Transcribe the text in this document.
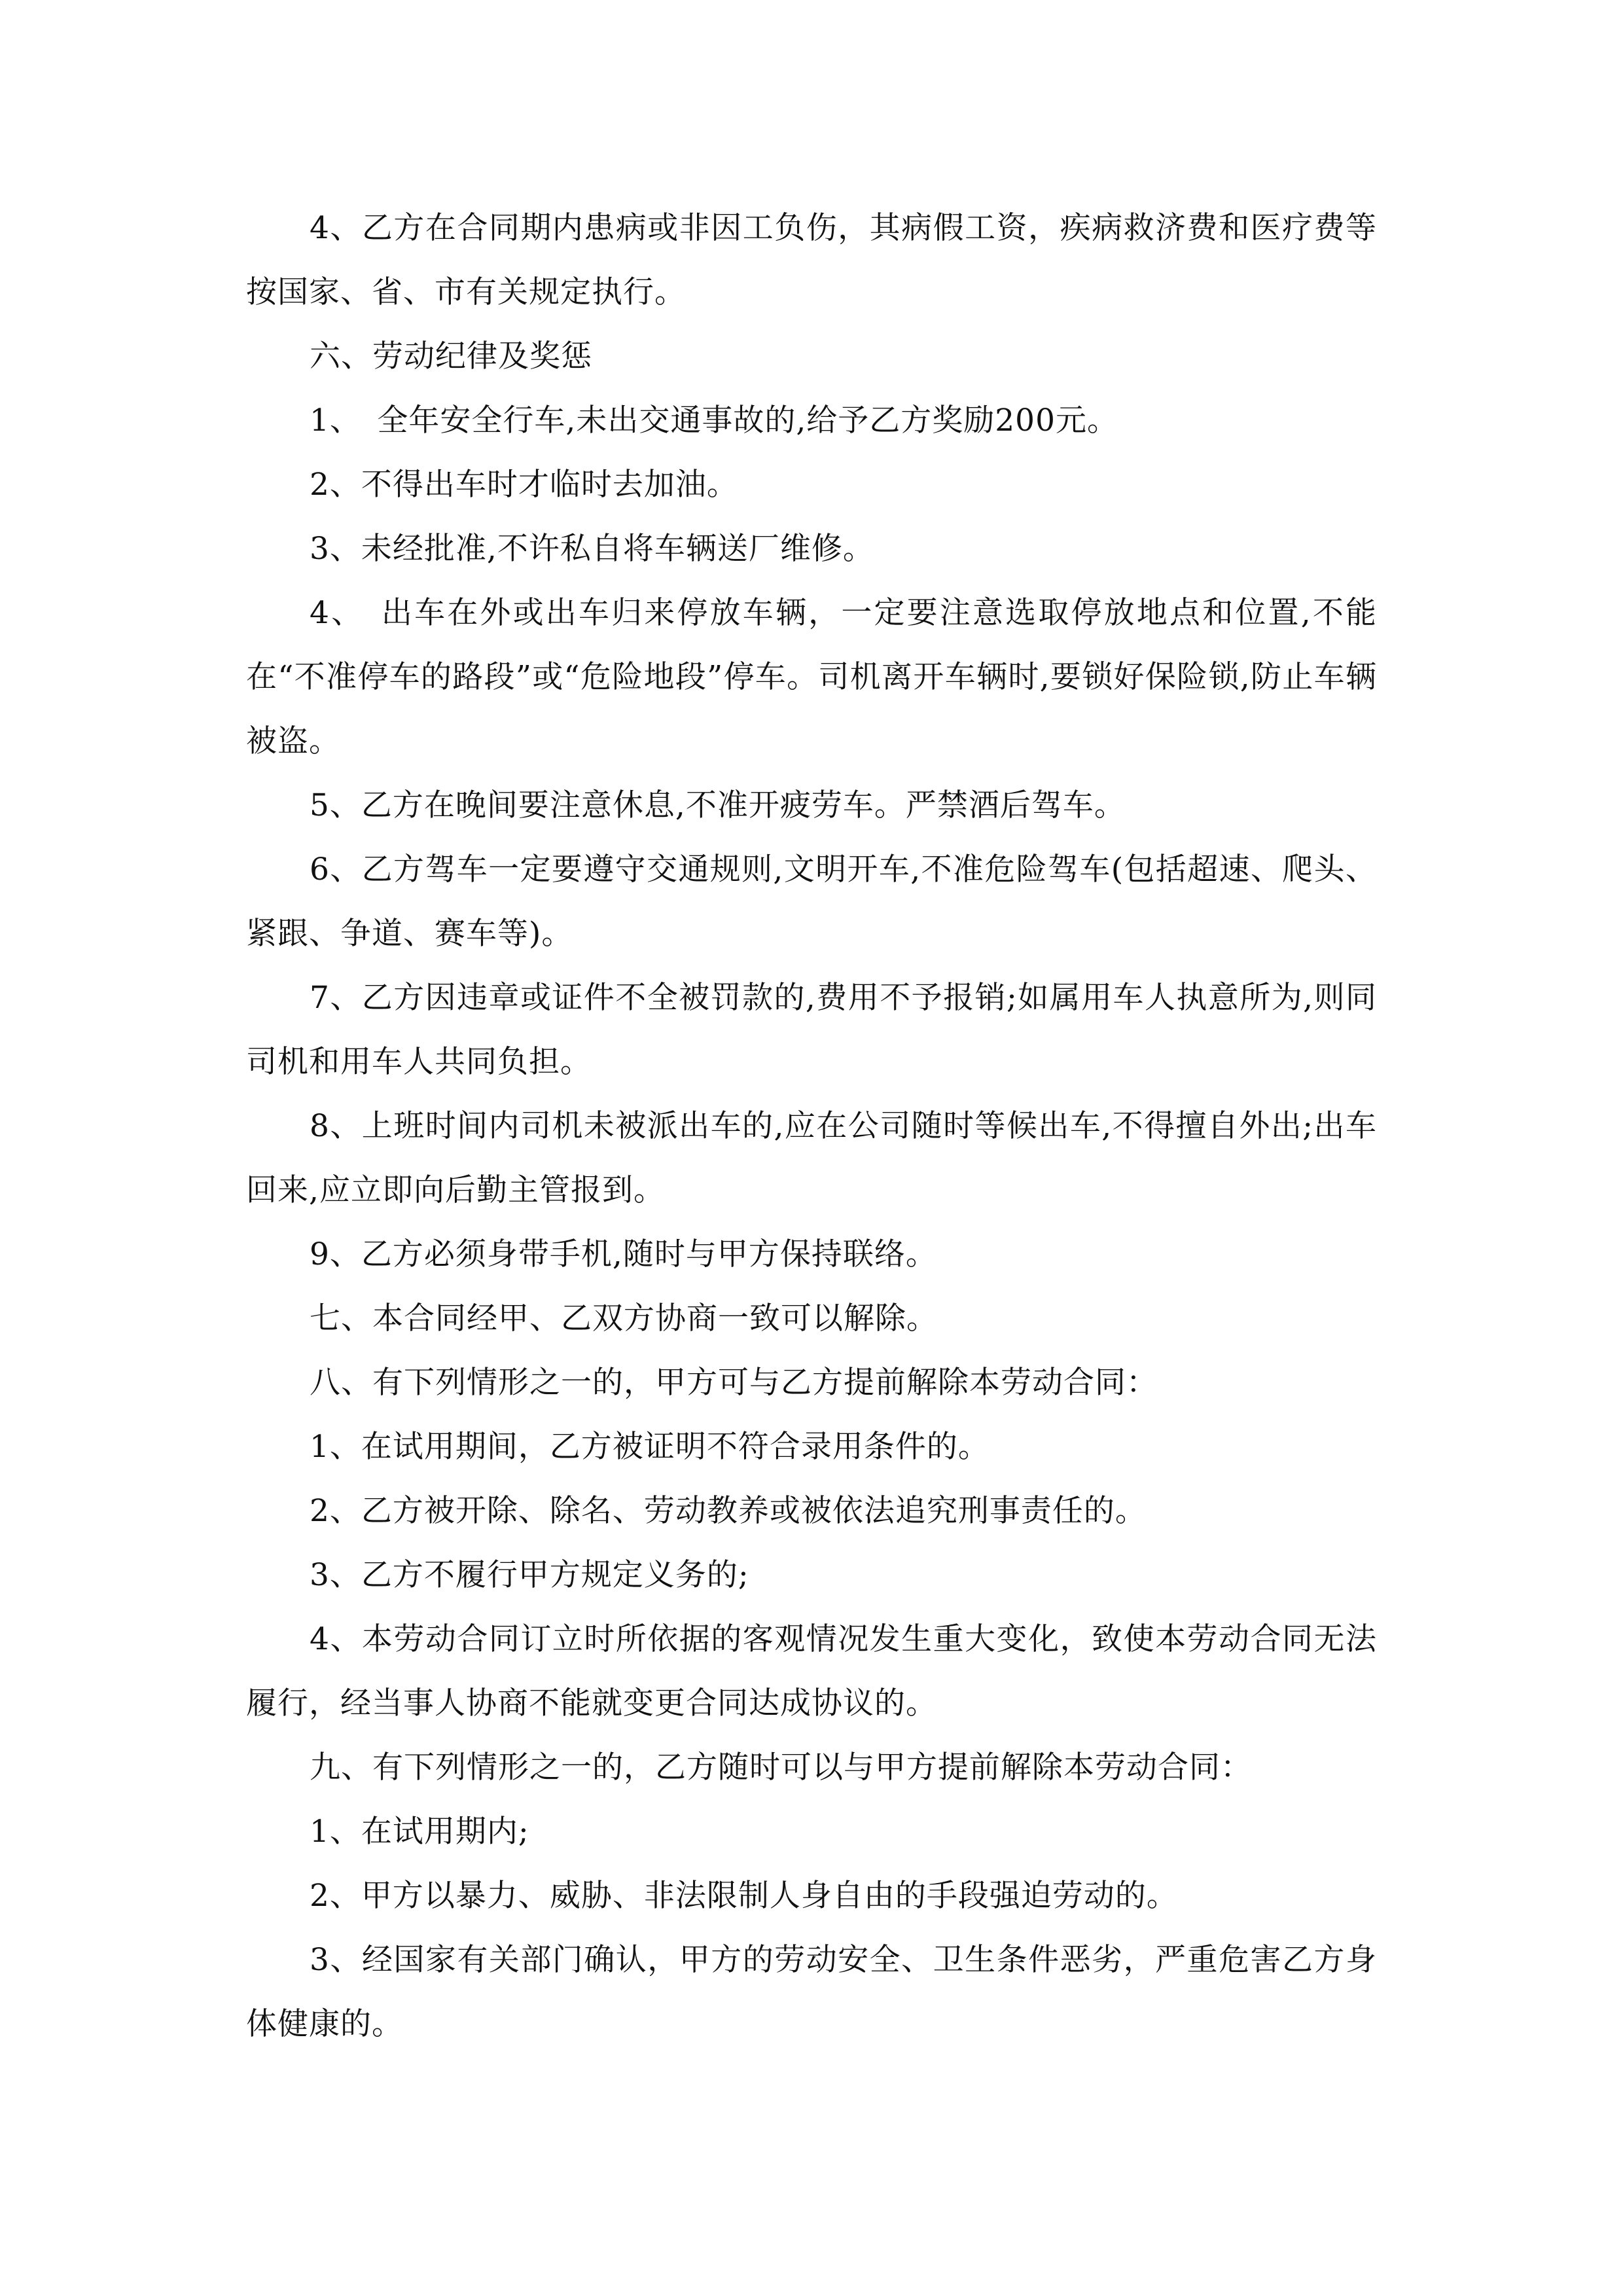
4、乙方在合同期内患病或非因工负伤，其病假工资，疾病救济费和医疗费等按国家、省、市有关规定执行。

六、劳动纪律及奖惩

1、　全年安全行车,未出交通事故的,给予乙方奖励200元。

2、不得出车时才临时去加油。

3、未经批准,不许私自将车辆送厂维修。

4、　出车在外或出车归来停放车辆，一定要注意选取停放地点和位置,不能在“不准停车的路段”或“危险地段”停车。司机离开车辆时,要锁好保险锁,防止车辆被盗。

5、乙方在晚间要注意休息,不准开疲劳车。严禁酒后驾车。

6、乙方驾车一定要遵守交通规则,文明开车,不准危险驾车(包括超速、爬头、紧跟、争道、赛车等)。

7、乙方因违章或证件不全被罚款的,费用不予报销;如属用车人执意所为,则同司机和用车人共同负担。

8、上班时间内司机未被派出车的,应在公司随时等候出车,不得擅自外出;出车回来,应立即向后勤主管报到。

9、乙方必须身带手机,随时与甲方保持联络。

七、本合同经甲、乙双方协商一致可以解除。

八、有下列情形之一的，甲方可与乙方提前解除本劳动合同：

1、在试用期间，乙方被证明不符合录用条件的。

2、乙方被开除、除名、劳动教养或被依法追究刑事责任的。

3、乙方不履行甲方规定义务的;

4、本劳动合同订立时所依据的客观情况发生重大变化，致使本劳动合同无法履行，经当事人协商不能就变更合同达成协议的。

九、有下列情形之一的，乙方随时可以与甲方提前解除本劳动合同：

1、在试用期内;

2、甲方以暴力、威胁、非法限制人身自由的手段强迫劳动的。

3、经国家有关部门确认，甲方的劳动安全、卫生条件恶劣，严重危害乙方身体健康的。
